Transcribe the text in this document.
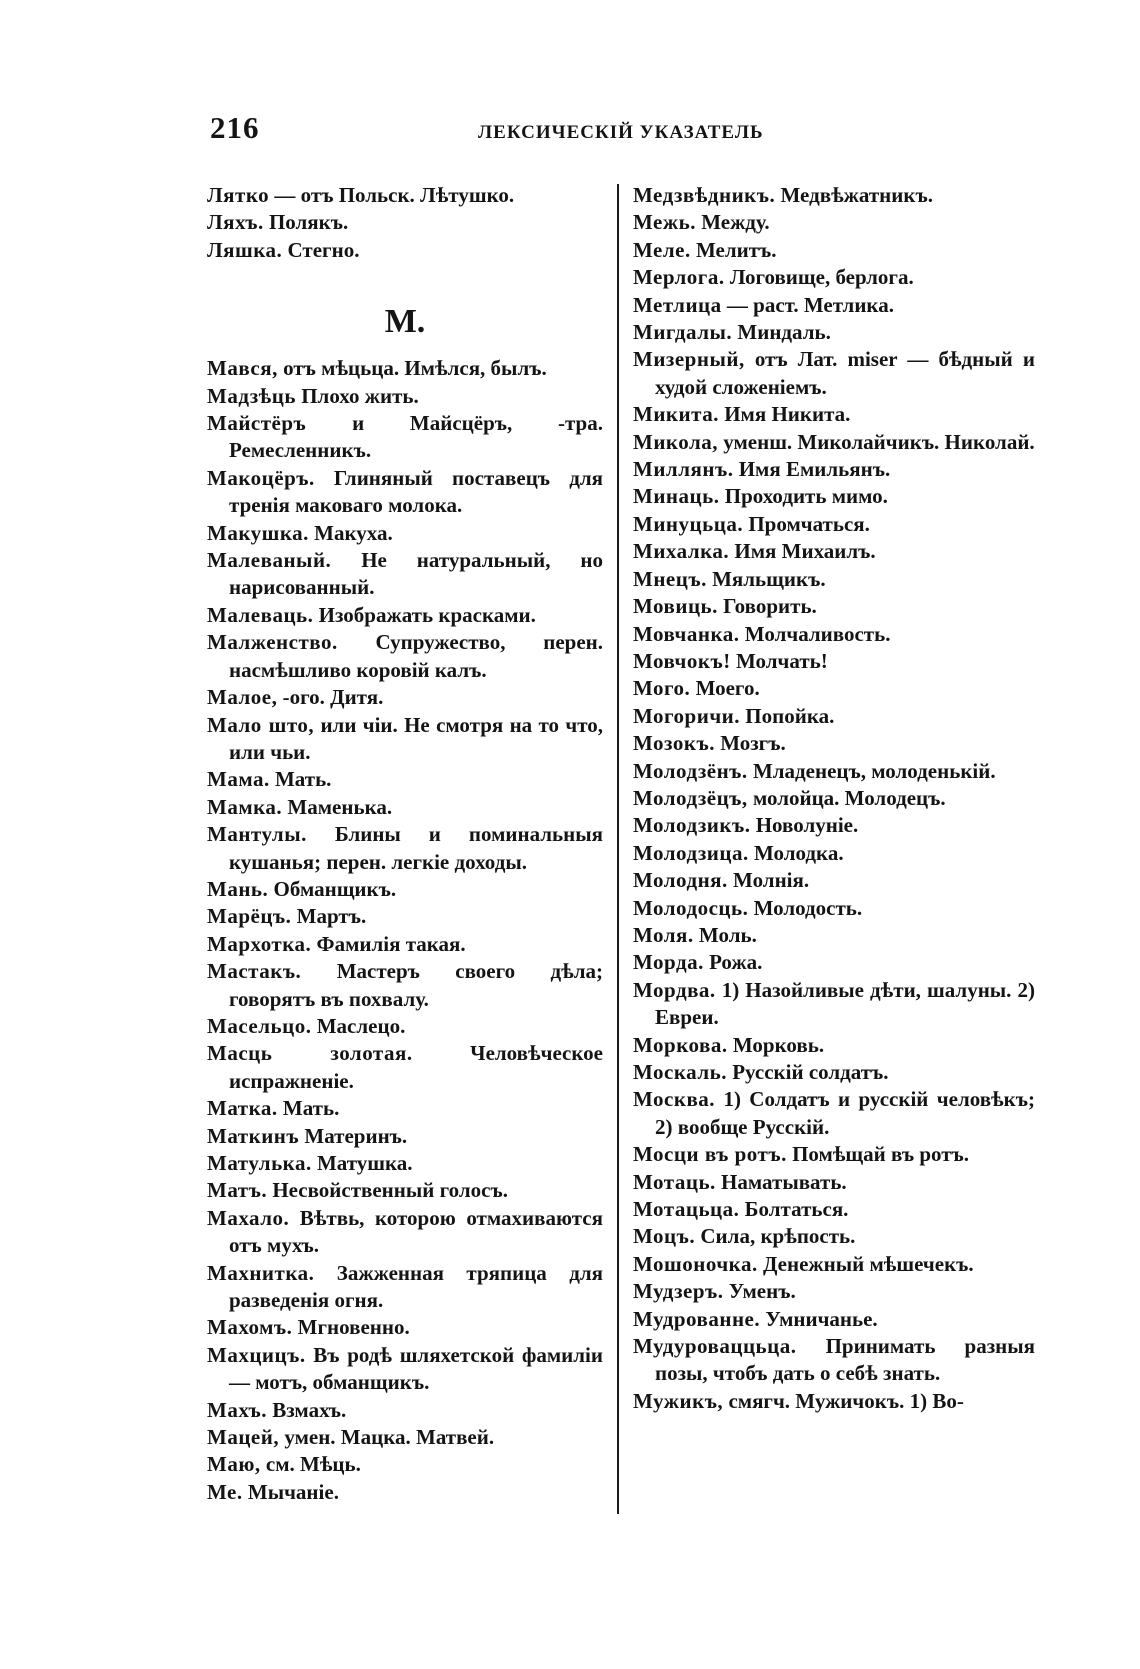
216	ЛЕКСИЧЕСКІЙ УКАЗАТЕЛЬ
Лятко — отъ Польск. Лѣтушко.
Ляхъ. Полякъ.
Ляшка. Стегно.
М.
Мався, отъ мѣцьца. Имѣлся, былъ.
Мадзѣць Плохо жить.
Майстёръ и Майсцёръ, -тра. Ремесленникъ.
Макоцёръ. Глиняный поставецъ для тренія маковаго молока.
Макушка. Макуха.
Малеваный. Не натуральный, но нарисованный.
Малеваць. Изображать красками.
Малженство. Супружество, перен. насмѣшливо коровій калъ.
Малое, -ого. Дитя.
Мало што, или чіи. Не смотря на то что, или чьи.
Мама. Мать.
Мамка. Маменька.
Мантулы. Блины и поминальныя кушанья; перен. легкіе доходы.
Мань. Обманщикъ.
Марёцъ. Мартъ.
Мархотка. Фамилія такая.
Мастакъ. Мастеръ своего дѣла; говорятъ въ похвалу.
Масельцо. Маслецо.
Масць золотая. Человѣческое испражненіе.
Матка. Мать.
Маткинъ Материнъ.
Матулька. Матушка.
Матъ. Несвойственный голосъ.
Махало. Вѣтвь, которою отмахиваются отъ мухъ.
Махнитка. Зажженная тряпица для разведенія огня.
Махомъ. Мгновенно.
Махцицъ. Въ родѣ шляхетской фамиліи — мотъ, обманщикъ.
Махъ. Взмахъ.
Мацей, умен. Мацка. Матвей.
Маю, см. Мѣць.
Ме. Мычаніе.
Медзвѣдникъ. Медвѣжатникъ.
Межь. Между.
Меле. Мелитъ.
Мерлога. Логовище, берлога.
Метлица — раст. Метлика.
Мигдалы. Миндаль.
Мизерный, отъ Лат. miser — бѣдный и худой сложеніемъ.
Микита. Имя Никита.
Микола, уменш. Миколайчикъ. Николай.
Миллянъ. Имя Емильянъ.
Минаць. Проходить мимо.
Минуцьца. Промчаться.
Михалка. Имя Михаилъ.
Мнецъ. Мяльщикъ.
Мовиць. Говорить.
Мовчанка. Молчаливость.
Мовчокъ! Молчать!
Мого. Моего.
Могоричи. Попойка.
Мозокъ. Мозгъ.
Молодзёнъ. Младенецъ, молоденькій.
Молодзёцъ, молойца. Молодецъ.
Молодзикъ. Новолуніе.
Молодзица. Молодка.
Молодня. Молнія.
Молодосць. Молодость.
Моля. Моль.
Морда. Рожа.
Мордва. 1) Назойливые дѣти, шалуны. 2) Евреи.
Моркова. Морковь.
Москаль. Русскій солдатъ.
Москва. 1) Солдатъ и русскій человѣкъ; 2) вообще Русскій.
Мосци въ ротъ. Помѣщай въ ротъ.
Мотаць. Наматывать.
Мотацьца. Болтаться.
Моцъ. Сила, крѣпость.
Мошоночка. Денежный мѣшечекъ.
Мудзеръ. Уменъ.
Мудрованне. Умничанье.
Мудуроваццьца. Принимать разныя позы, чтобъ дать о себѣ знать.
Мужикъ, смягч. Мужичокъ. 1) Во-
